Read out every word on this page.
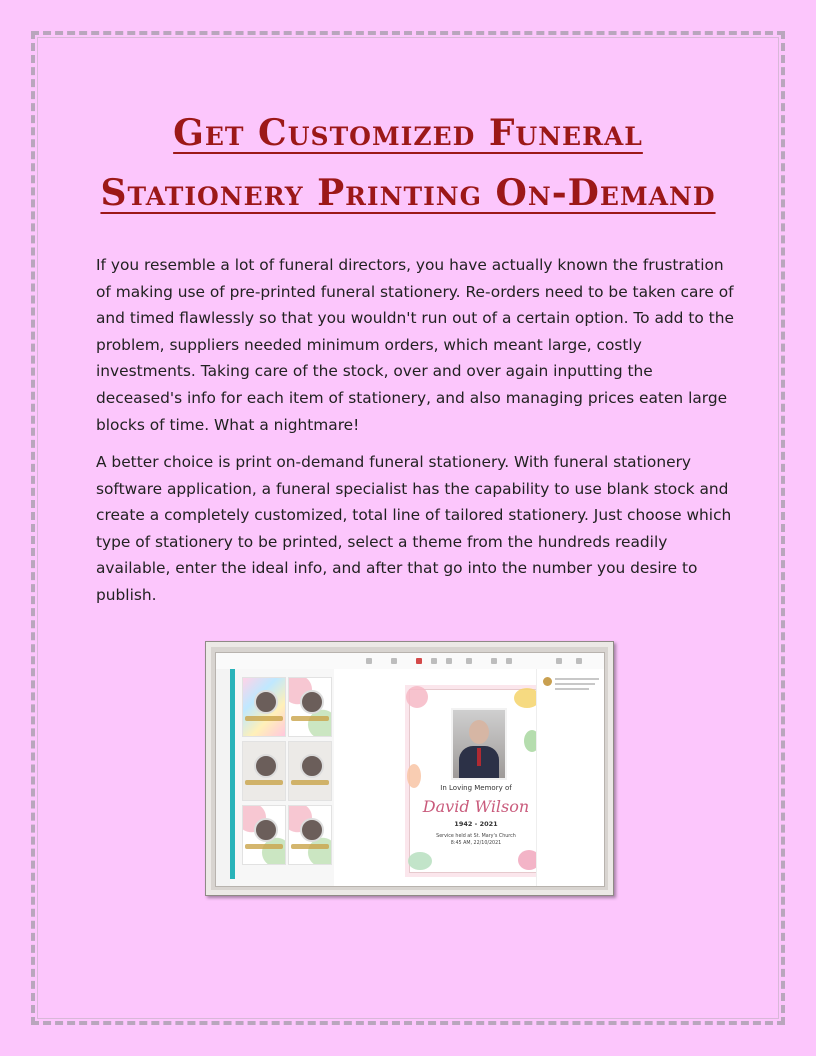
Get Customized Funeral
Stationery Printing On-Demand

If you resemble a lot of funeral directors, you have actually known the frustration of making use of pre-printed funeral stationery. Re-orders need to be taken care of and timed flawlessly so that you wouldn't run out of a certain option. To add to the problem, suppliers needed minimum orders, which meant large, costly investments. Taking care of the stock, over and over again inputting the deceased's info for each item of stationery, and also managing prices eaten large blocks of time. What a nightmare!

A better choice is print on-demand funeral stationery. With funeral stationery software application, a funeral specialist has the capability to use blank stock and create a completely customized, total line of tailored stationery. Just choose which type of stationery to be printed, select a theme from the hundreds readily available, enter the ideal info, and after that go into the number you desire to publish.

In Loving Memory of

David Wilson

1942 - 2021

Service held at St. Mary's Church
8:45 AM, 22/10/2021
